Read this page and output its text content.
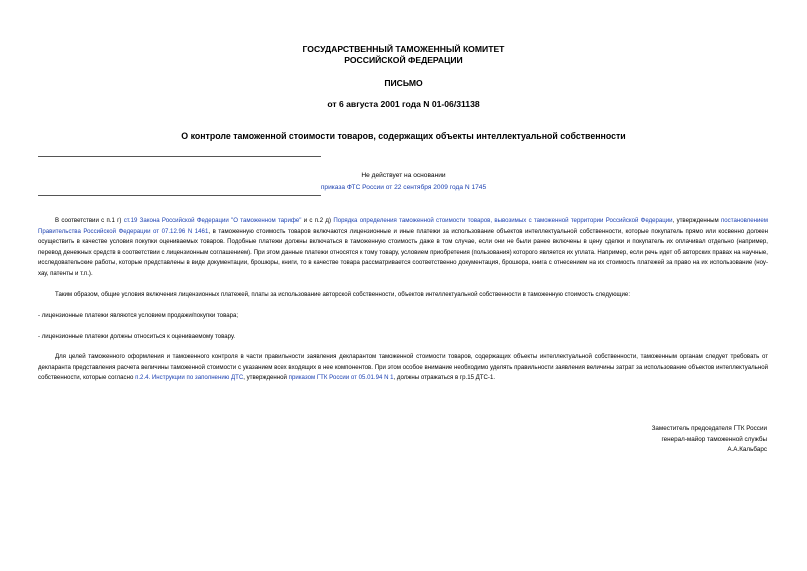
ГОСУДАРСТВЕННЫЙ ТАМОЖЕННЫЙ КОМИТЕТ
РОССИЙСКОЙ ФЕДЕРАЦИИ
ПИСЬМО
от 6 августа 2001 года N 01-06/31138
О контроле таможенной стоимости товаров, содержащих объекты интеллектуальной собственности
Не действует на основании
приказа ФТС России от 22 сентября 2009 года N 1745
В соответствии с п.1 г) ст.19 Закона Российской Федерации "О таможенном тарифе" и с п.2 д) Порядка определения таможенной стоимости товаров, вывозимых с таможенной территории Российской Федерации, утвержденным постановлением Правительства Российской Федерации от 07.12.96 N 1461, в таможенную стоимость товаров включаются лицензионные и иные платежи за использование объектов интеллектуальной собственности, которые покупатель прямо или косвенно должен осуществить в качестве условия покупки оцениваемых товаров. Подобные платежи должны включаться в таможенную стоимость даже в том случае, если они не были ранее включены в цену сделки и покупатель их оплачивал отдельно (например, перевод денежных средств в соответствии с лицензионным соглашением). При этом данные платежи относятся к тому товару, условием приобретения (пользования) которого является их уплата. Например, если речь идет об авторских правах на научные, исследовательские работы, которые представлены в виде документации, брошюры, книги, то в качестве товара рассматривается соответственно документация, брошюра, книга с отнесением на их стоимость платежей за право на их использование (ноу-хау, патенты и т.п.).
Таким образом, общие условия включения лицензионных платежей, платы за использование авторской собственности, объектов интеллектуальной собственности в таможенную стоимость следующие:
- лицензионные платежи являются условием продажи/покупки товара;
- лицензионные платежи должны относиться к оцениваемому товару.
Для целей таможенного оформления и таможенного контроля в части правильности заявления декларантом таможенной стоимости товаров, содержащих объекты интеллектуальной собственности, таможенным органам следует требовать от декларанта представления расчета величины таможенной стоимости с указанием всех входящих в нее компонентов. При этом особое внимание необходимо уделять правильности заявления величины затрат за использование объектов интеллектуальной собственности, которые согласно п.2.4. Инструкции по заполнению ДТС, утвержденной приказом ГТК России от 05.01.94 N 1, должны отражаться в гр.15 ДТС-1.
Заместитель председателя ГТК России
генерал-майор таможенной службы
А.А.Кальбарс
